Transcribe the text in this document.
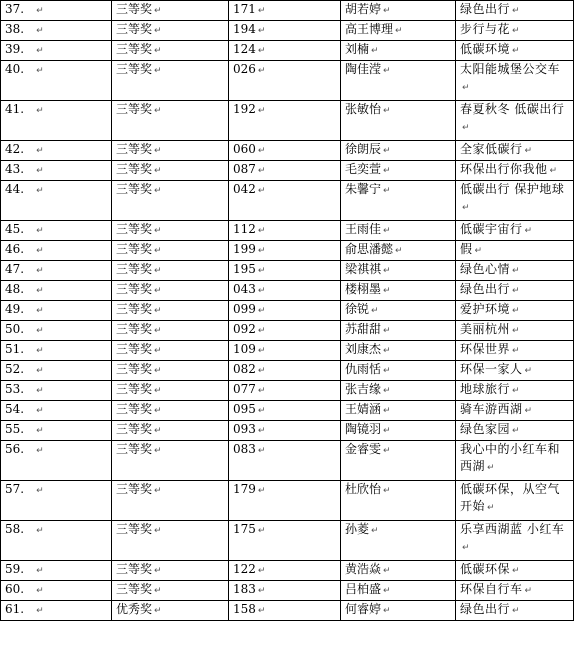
37. ↵	三等奖 ↵	171 ↵	胡若婷 ↵	绿色出行 ↵
38. ↵	三等奖 ↵	194 ↵	高王博理 ↵	步行与花 ↵
39. ↵	三等奖 ↵	124 ↵	刘楠 ↵	低碳环境 ↵
40. ↵	三等奖 ↵	026 ↵	陶佳滢 ↵	太阳能城堡公交车↵
41. ↵	三等奖 ↵	192 ↵	张敏怡 ↵	春夏秋冬 低碳出行↵
42. ↵	三等奖 ↵	060 ↵	徐朗辰 ↵	全家低碳行 ↵
43. ↵	三等奖 ↵	087 ↵	毛奕萱 ↵	环保出行你我他 ↵
44. ↵	三等奖 ↵	042 ↵	朱馨宁 ↵	低碳出行 保护地球↵
45. ↵	三等奖 ↵	112 ↵	王雨佳 ↵	低碳宇宙行 ↵
46. ↵	三等奖 ↵	199 ↵	俞思潘懿 ↵	假 ↵
47. ↵	三等奖 ↵	195 ↵	梁祺祺 ↵	绿色心情 ↵
48. ↵	三等奖 ↵	043 ↵	楼栩墨 ↵	绿色出行 ↵
49. ↵	三等奖 ↵	099 ↵	徐锐 ↵	爱护环境 ↵
50. ↵	三等奖 ↵	092 ↵	苏甜甜 ↵	美丽杭州 ↵
51. ↵	三等奖 ↵	109 ↵	刘康杰 ↵	环保世界 ↵
52. ↵	三等奖 ↵	082 ↵	仇雨恬 ↵	环保一家人 ↵
53. ↵	三等奖 ↵	077 ↵	张吉缘 ↵	地球旅行 ↵
54. ↵	三等奖 ↵	095 ↵	王婧涵 ↵	骑车游西湖 ↵
55. ↵	三等奖 ↵	093 ↵	陶镜羽 ↵	绿色家园 ↵
56. ↵	三等奖 ↵	083 ↵	金睿雯 ↵	我心中的小红车和西湖 ↵
57. ↵	三等奖 ↵	179 ↵	杜欣怡 ↵	低碳环保，从空气开始 ↵
58. ↵	三等奖 ↵	175 ↵	孙菱 ↵	乐享西湖蓝 小红车↵
59. ↵	三等奖 ↵	122 ↵	黄浩焱 ↵	低碳环保 ↵
60. ↵	三等奖 ↵	183 ↵	吕柏盛 ↵	环保自行车 ↵
61. ↵	优秀奖 ↵	158 ↵	何睿婷 ↵	绿色出行 ↵
